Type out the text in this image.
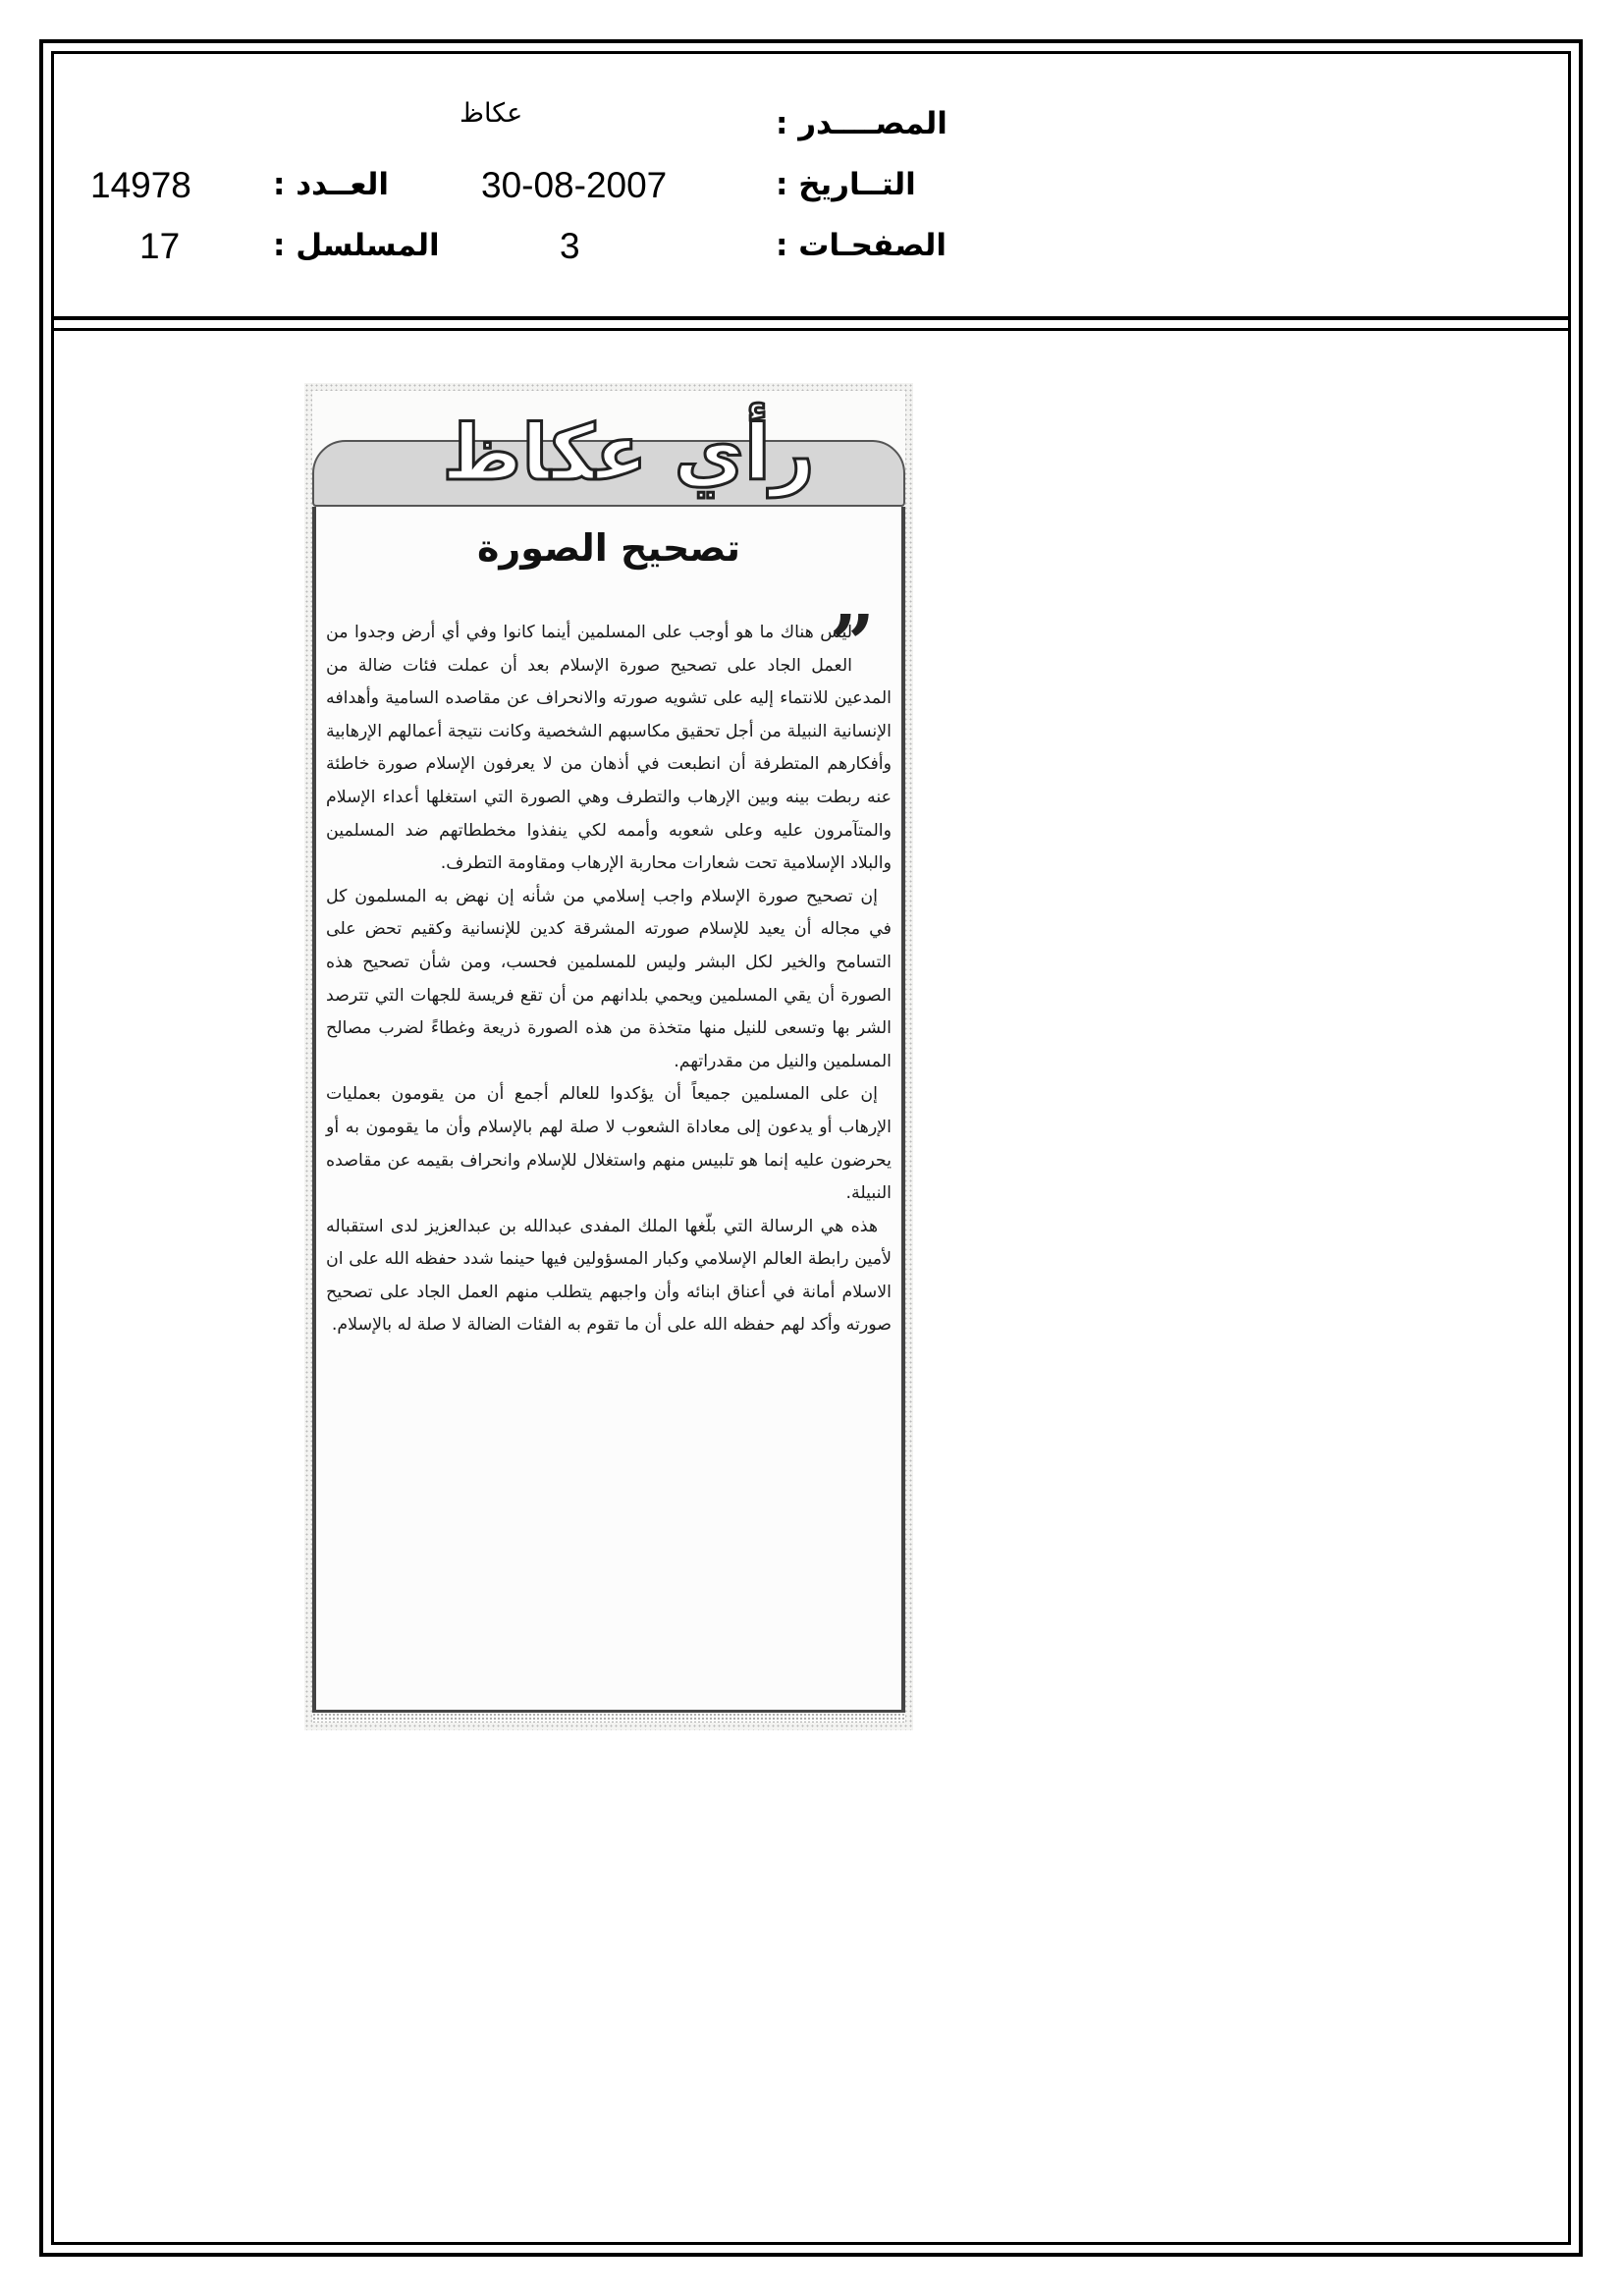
المصــــدر :
عكاظ
التــاريخ :
30-08-2007
العــدد :
14978
الصفحـات :
3
المسلسل :
17
رأي عكاظ
تصحيح الصورة
”

ليس هناك ما هو أوجب على المسلمين أينما كانوا وفي أي أرض وجدوا من العمل الجاد على تصحيح صورة الإسلام بعد أن عملت فئات ضالة من المدعين للانتماء إليه على تشويه صورته والانحراف عن مقاصده السامية وأهدافه الإنسانية النبيلة من أجل تحقيق مكاسبهم الشخصية وكانت نتيجة أعمالهم الإرهابية وأفكارهم المتطرفة أن انطبعت في أذهان من لا يعرفون الإسلام صورة خاطئة عنه ربطت بينه وبين الإرهاب والتطرف وهي الصورة التي استغلها أعداء الإسلام والمتآمرون عليه وعلى شعوبه وأممه لكي ينفذوا مخططاتهم ضد المسلمين والبلاد الإسلامية تحت شعارات محاربة الإرهاب ومقاومة التطرف.

إن تصحيح صورة الإسلام واجب إسلامي من شأنه إن نهض به المسلمون كل في مجاله أن يعيد للإسلام صورته المشرقة كدين للإنسانية وكقيم تحض على التسامح والخير لكل البشر وليس للمسلمين فحسب، ومن شأن تصحيح هذه الصورة أن يقي المسلمين ويحمي بلدانهم من أن تقع فريسة للجهات التي تترصد الشر بها وتسعى للنيل منها متخذة من هذه الصورة ذريعة وغطاءً لضرب مصالح المسلمين والنيل من مقدراتهم.

إن على المسلمين جميعاً أن يؤكدوا للعالم أجمع أن من يقومون بعمليات الإرهاب أو يدعون إلى معاداة الشعوب لا صلة لهم بالإسلام وأن ما يقومون به أو يحرضون عليه إنما هو تلبيس منهم واستغلال للإسلام وانحراف بقيمه عن مقاصده النبيلة.

هذه هي الرسالة التي بلّغها الملك المفدى عبدالله بن عبدالعزيز لدى استقباله لأمين رابطة العالم الإسلامي وكبار المسؤولين فيها حينما شدد حفظه الله على ان الاسلام أمانة في أعناق ابنائه وأن واجبهم يتطلب منهم العمل الجاد على تصحيح صورته وأكد لهم حفظه الله على أن ما تقوم به الفئات الضالة لا صلة له بالإسلام.
